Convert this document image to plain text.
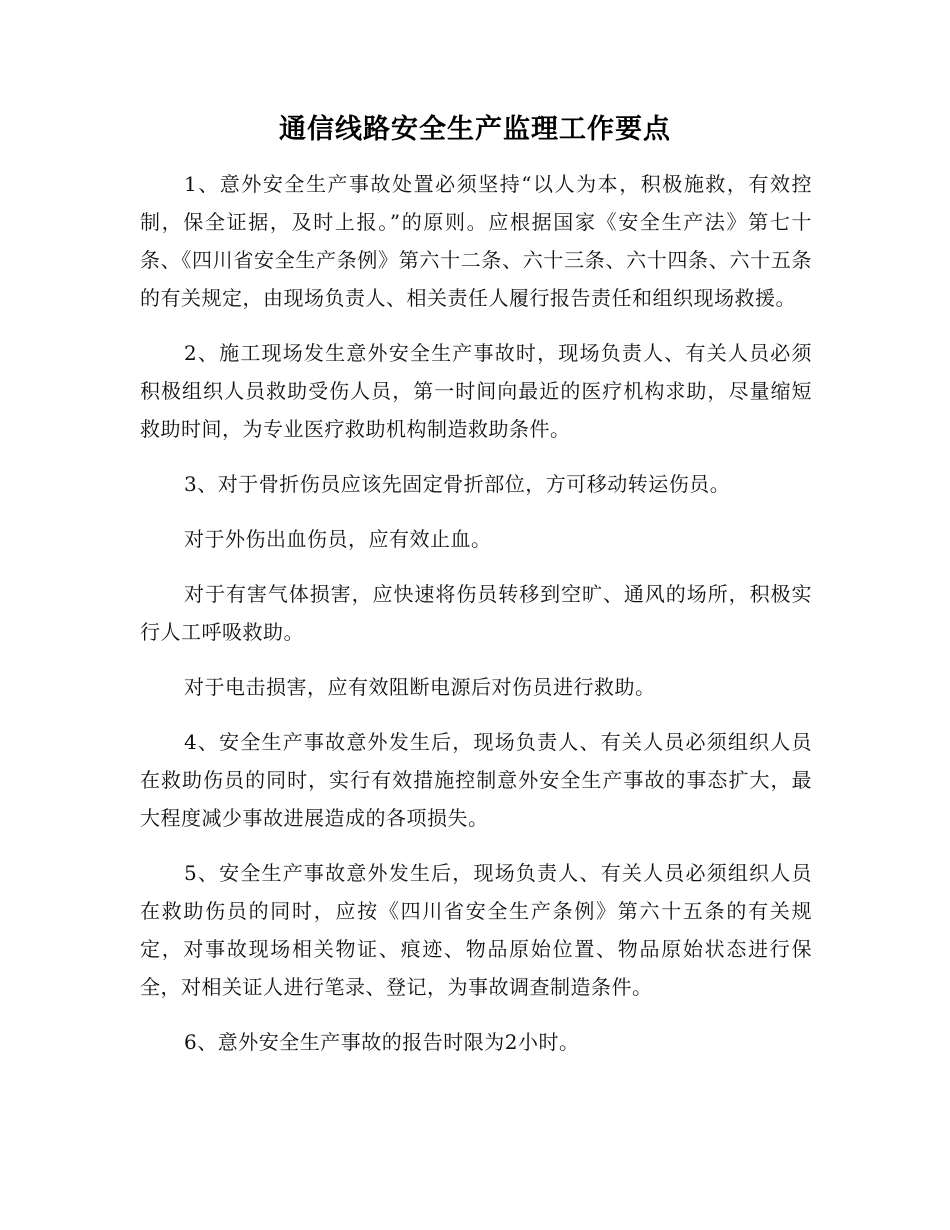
通信线路安全生产监理工作要点

1、意外安全生产事故处置必须坚持“以人为本，积极施救，有效控制，保全证据，及时上报。”的原则。应根据国家《安全生产法》第七十条、《四川省安全生产条例》第六十二条、六十三条、六十四条、六十五条的有关规定，由现场负责人、相关责任人履行报告责任和组织现场救援。

2、施工现场发生意外安全生产事故时，现场负责人、有关人员必须积极组织人员救助受伤人员，第一时间向最近的医疗机构求助，尽量缩短救助时间，为专业医疗救助机构制造救助条件。

3、对于骨折伤员应该先固定骨折部位，方可移动转运伤员。

对于外伤出血伤员，应有效止血。

对于有害气体损害，应快速将伤员转移到空旷、通风的场所，积极实行人工呼吸救助。

对于电击损害，应有效阻断电源后对伤员进行救助。

4、安全生产事故意外发生后，现场负责人、有关人员必须组织人员在救助伤员的同时，实行有效措施控制意外安全生产事故的事态扩大，最大程度减少事故进展造成的各项损失。

5、安全生产事故意外发生后，现场负责人、有关人员必须组织人员在救助伤员的同时，应按《四川省安全生产条例》第六十五条的有关规定，对事故现场相关物证、痕迹、物品原始位置、物品原始状态进行保全，对相关证人进行笔录、登记，为事故调查制造条件。

6、意外安全生产事故的报告时限为2小时。
